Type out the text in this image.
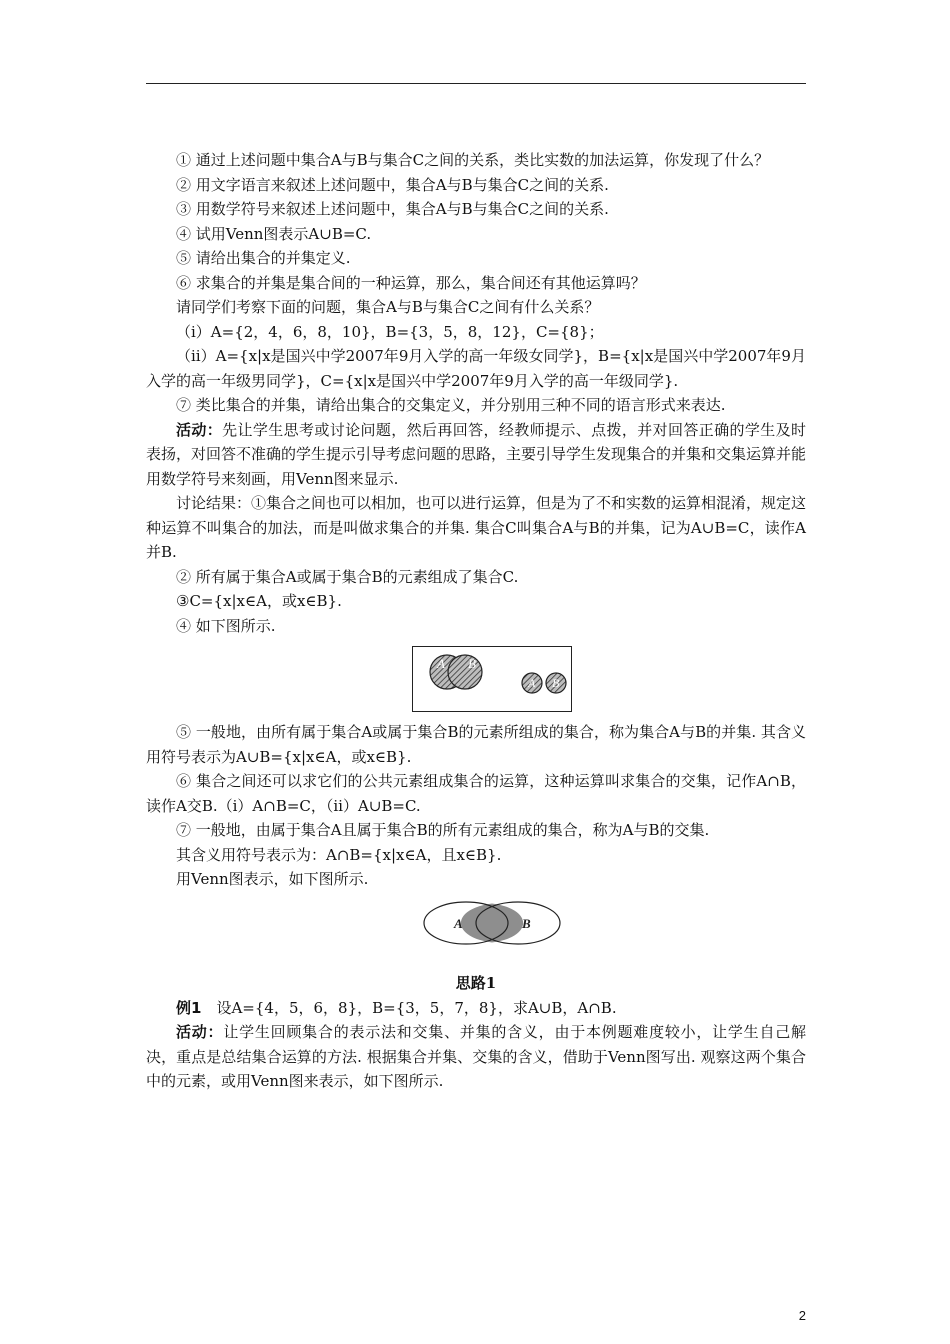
① 通过上述问题中集合A与B与集合C之间的关系，类比实数的加法运算，你发现了什么？

② 用文字语言来叙述上述问题中，集合A与B与集合C之间的关系.

③ 用数学符号来叙述上述问题中，集合A与B与集合C之间的关系.

④ 试用Venn图表示A∪B=C.

⑤ 请给出集合的并集定义.

⑥ 求集合的并集是集合间的一种运算，那么，集合间还有其他运算吗？

请同学们考察下面的问题，集合A与B与集合C之间有什么关系？

（ⅰ）A={2，4，6，8，10}，B={3，5，8，12}，C={8}；

（ⅱ）A={x|x是国兴中学2007年9月入学的高一年级女同学}，B={x|x是国兴中学2007年9月入学的高一年级男同学}，C={x|x是国兴中学2007年9月入学的高一年级同学}.

⑦ 类比集合的并集，请给出集合的交集定义，并分别用三种不同的语言形式来表达.

活动：先让学生思考或讨论问题，然后再回答，经教师提示、点拨，并对回答正确的学生及时表扬，对回答不准确的学生提示引导考虑问题的思路，主要引导学生发现集合的并集和交集运算并能用数学符号来刻画，用Venn图来显示.

讨论结果：①集合之间也可以相加，也可以进行运算，但是为了不和实数的运算相混淆，规定这种运算不叫集合的加法，而是叫做求集合的并集. 集合C叫集合A与B的并集，记为A∪B=C，读作A并B.

② 所有属于集合A或属于集合B的元素组成了集合C.

③C={x|x∈A，或x∈B}.

④ 如下图所示.

A B
A B

⑤ 一般地，由所有属于集合A或属于集合B的元素所组成的集合，称为集合A与B的并集. 其含义用符号表示为A∪B={x|x∈A，或x∈B}.

⑥ 集合之间还可以求它们的公共元素组成集合的运算，这种运算叫求集合的交集，记作A∩B，读作A交B.（ⅰ）A∩B=C，（ⅱ）A∪B=C.

⑦ 一般地，由属于集合A且属于集合B的所有元素组成的集合，称为A与B的交集.

其含义用符号表示为：A∩B={x|x∈A，且x∈B}.

用Venn图表示，如下图所示.

A	B

思路1

例1　 设A={4，5，6，8}，B={3，5，7，8}，求A∪B，A∩B.

活动：让学生回顾集合的表示法和交集、并集的含义，由于本例题难度较小，让学生自己解决，重点是总结集合运算的方法. 根据集合并集、交集的含义，借助于Venn图写出. 观察这两个集合中的元素，或用Venn图来表示，如下图所示.

2
